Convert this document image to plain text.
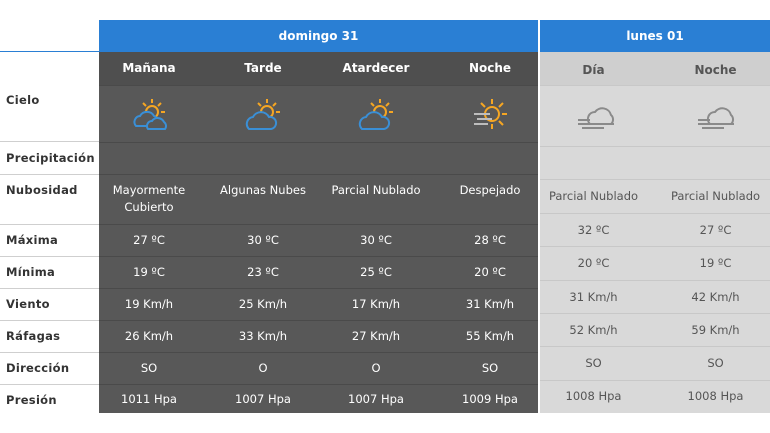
domingo 31	lunes 01
Cielo
Precipitación
Nubosidad
Máxima
Mínima
Viento
Ráfagas
Dirección
Presión
Mañana
Mayormente Cubierto
27 ºC
19 ºC
19 Km/h
26 Km/h
SO
1011 Hpa
Tarde
Algunas Nubes
30 ºC
23 ºC
25 Km/h
33 Km/h
O
1007 Hpa
Atardecer
Parcial Nublado
30 ºC
25 ºC
17 Km/h
27 Km/h
O
1007 Hpa
Noche
Despejado
28 ºC
20 ºC
31 Km/h
55 Km/h
SO
1009 Hpa
Día
Parcial Nublado
32 ºC
20 ºC
31 Km/h
52 Km/h
SO
1008 Hpa
Noche
Parcial Nublado
27 ºC
19 ºC
42 Km/h
59 Km/h
SO
1008 Hpa
